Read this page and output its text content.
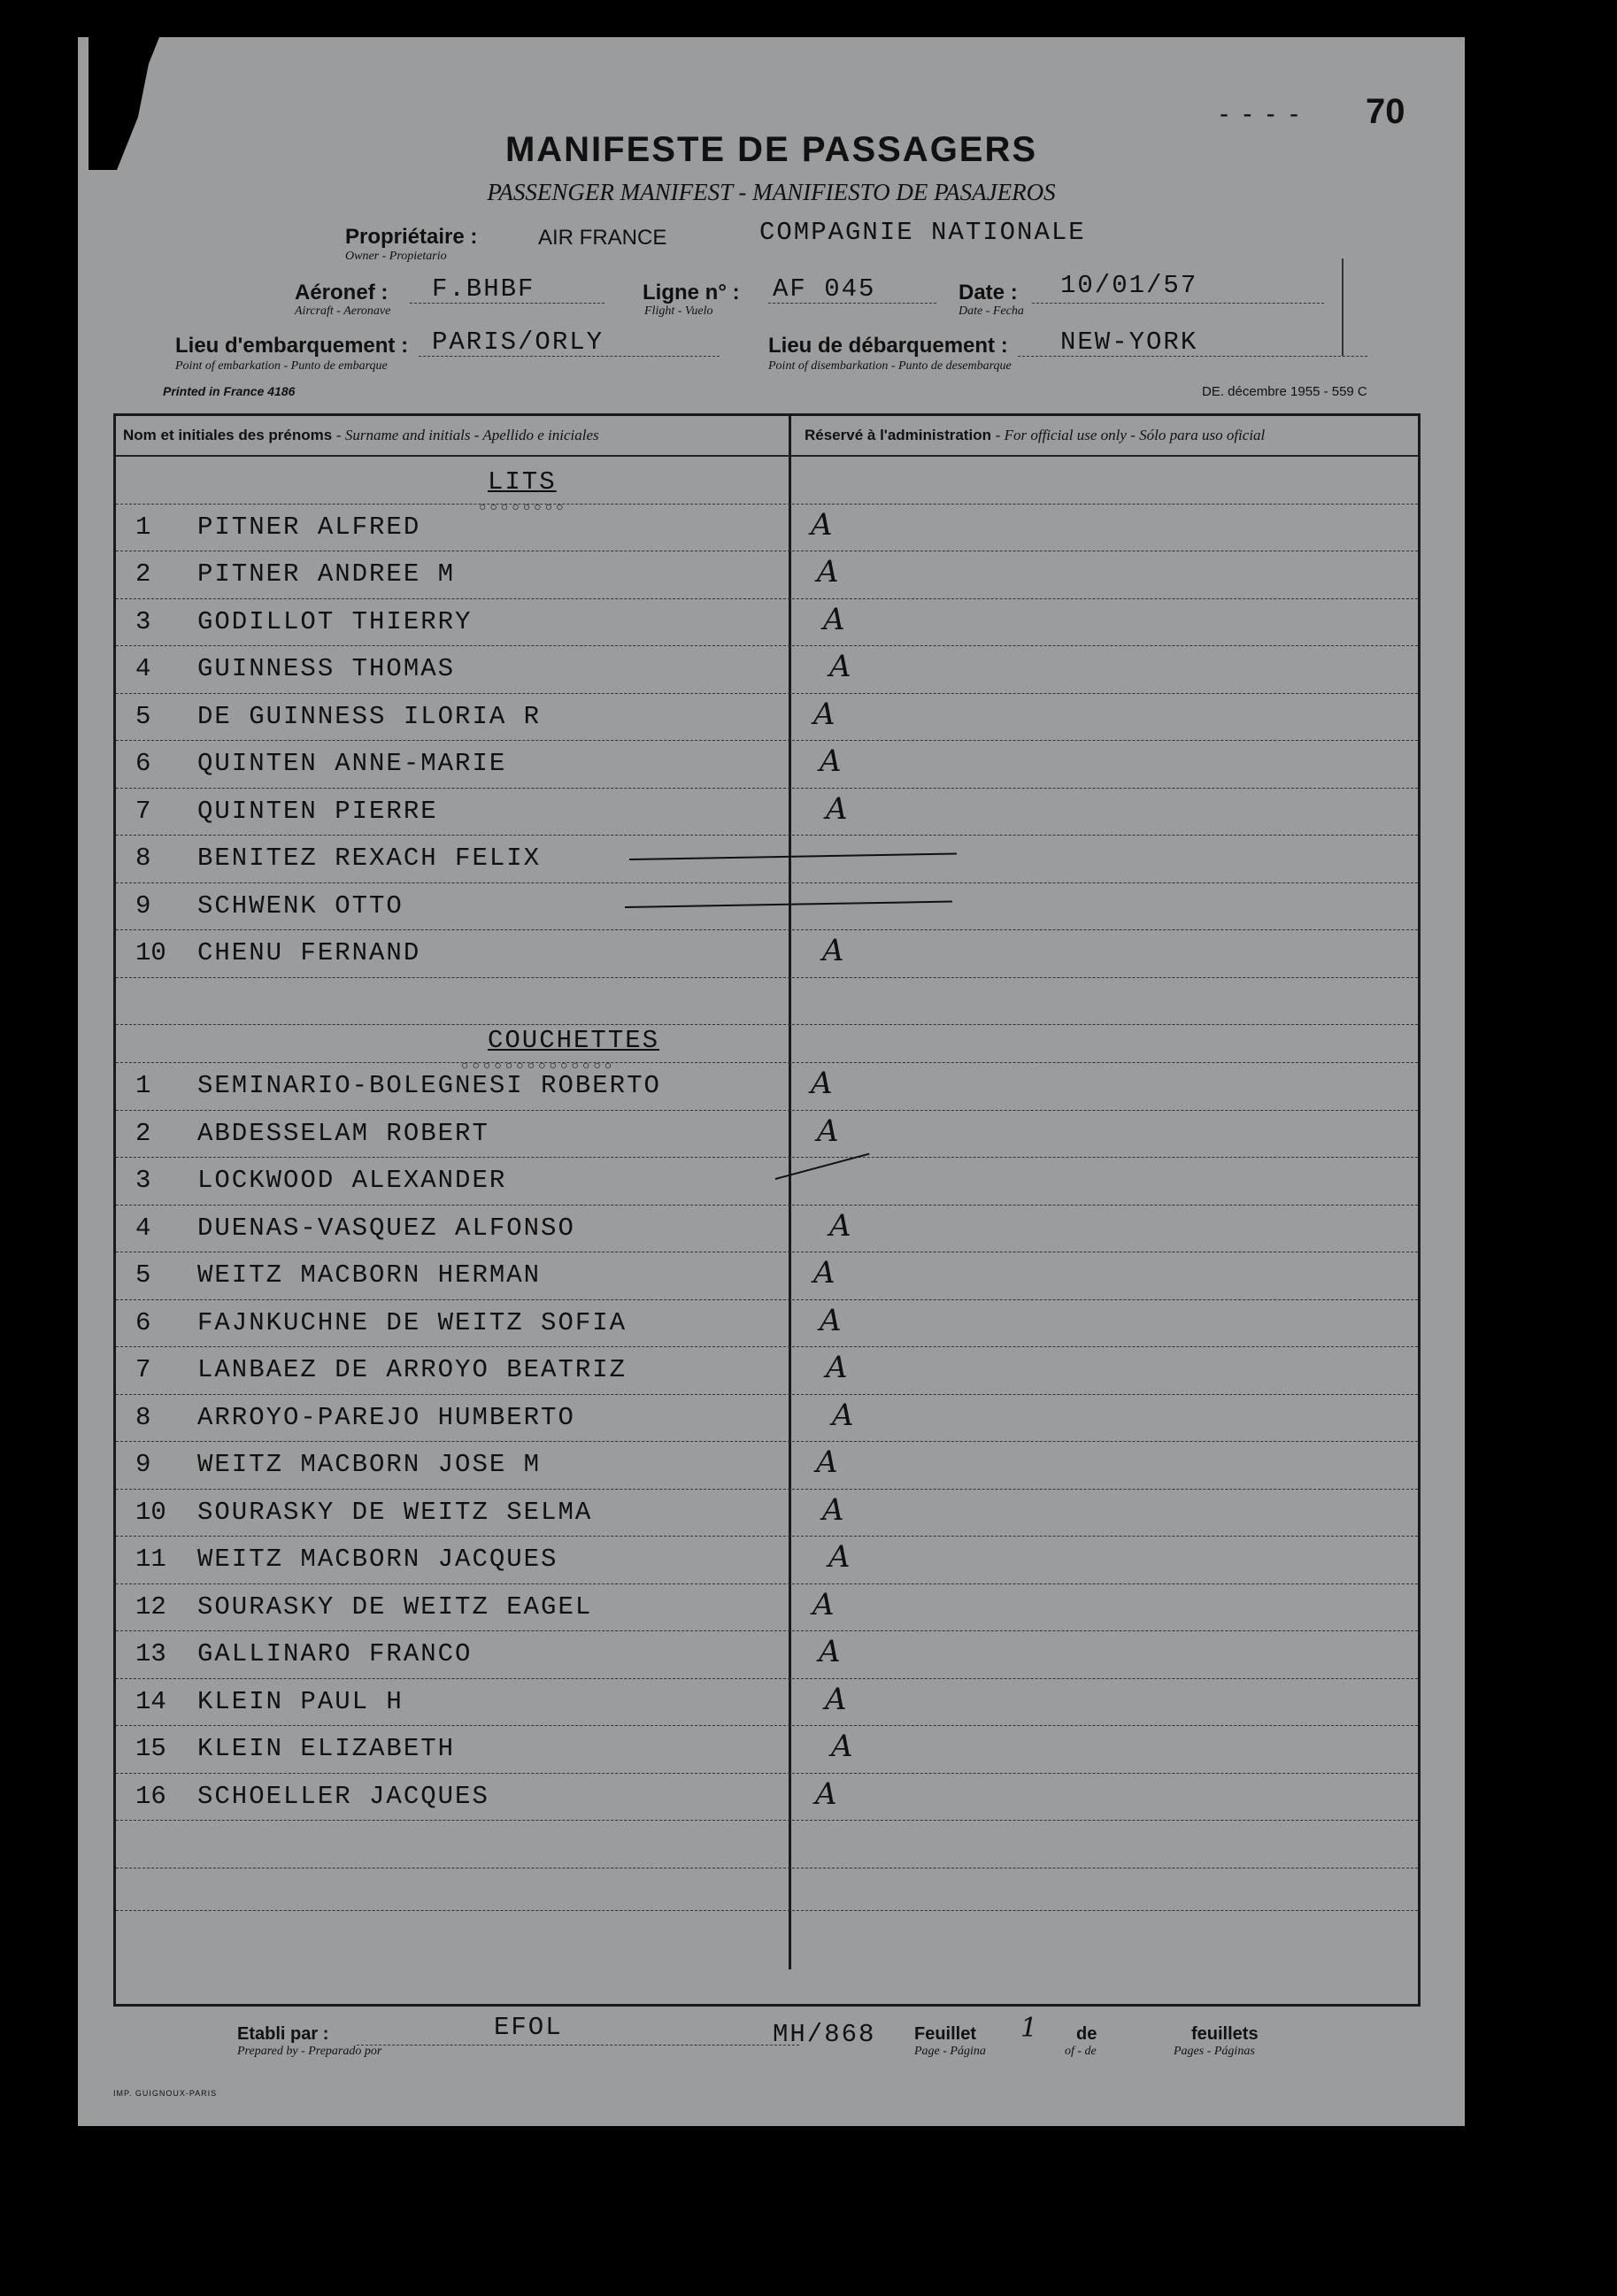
70
- - - -
MANIFESTE DE PASSAGERS
PASSENGER MANIFEST - MANIFIESTO DE PASAJEROS
Propriétaire :	AIR FRANCE	COMPAGNIE NATIONALE
Owner - Propietario
Aéronef : F.BHBF
Aircraft - Aeronave
Ligne n° : AF 045
Flight - Vuelo
Date : 10/01/57
Date - Fecha
Lieu d'embarquement : PARIS/ORLY
Point of embarkation - Punto de embarque
Lieu de débarquement : NEW-YORK
Point of disembarkation - Punto de desembarque
Printed in France 4186	DE. décembre 1955 - 559 C
Nom et initiales des prénoms - Surname and initials - Apellido e iniciales	Réservé à l'administration - For official use only - Sólo para uso oficial
LITS
○○○○○○○○
1 PITNER ALFRED	A
2 PITNER ANDREE M	A
3 GODILLOT THIERRY	A
4 GUINNESS THOMAS	A
5 DE GUINNESS ILORIA R	A
6 QUINTEN ANNE-MARIE	A
7 QUINTEN PIERRE	A
8 BENITEZ REXACH FELIX
9 SCHWENK OTTO
10 CHENU FERNAND	A
COUCHETTES
○○○○○○○○○○○○○○
1 SEMINARIO-BOLEGNESI ROBERTO	A
2 ABDESSELAM ROBERT	A
3 LOCKWOOD ALEXANDER
4 DUENAS-VASQUEZ ALFONSO	A
5 WEITZ MACBORN HERMAN	A
6 FAJNKUCHNE DE WEITZ SOFIA	A
7 LANBAEZ DE ARROYO BEATRIZ	A
8 ARROYO-PAREJO HUMBERTO	A
9 WEITZ MACBORN JOSE M	A
10 SOURASKY DE WEITZ SELMA	A
11 WEITZ MACBORN JACQUES	A
12 SOURASKY DE WEITZ EAGEL	A
13 GALLINARO FRANCO	A
14 KLEIN PAUL H	A
15 KLEIN ELIZABETH	A
16 SCHOELLER JACQUES	A
Etabli par :
Prepared by - Preparado por
EFOL	MH/868 Feuillet
Page - Página
1 de
of - de
feuillets
Pages - Páginas
IMP. GUIGNOUX-PARIS
